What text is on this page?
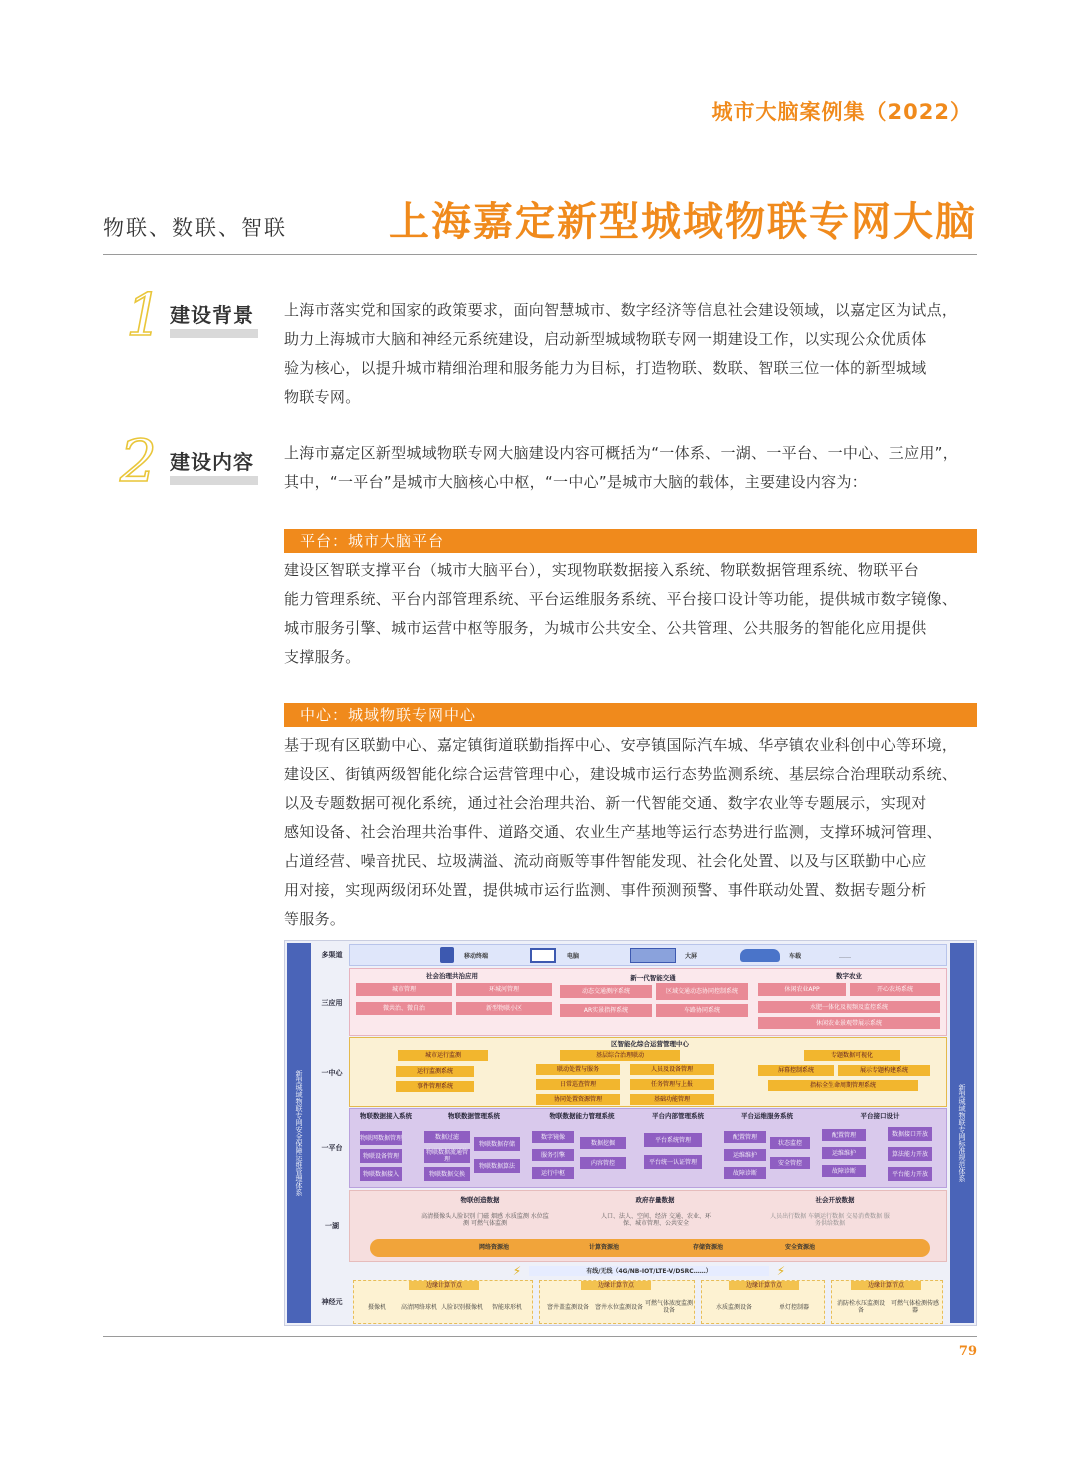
城市大脑案例集（2022）
物联、数联、智联	上海嘉定新型城域物联专网大脑
1 建设背景 上海市落实党和国家的政策要求，面向智慧城市、数字经济等信息社会建设领域，以嘉定区为试点，
助力上海城市大脑和神经元系统建设，启动新型城域物联专网一期建设工作，以实现公众优质体
验为核心，以提升城市精细治理和服务能力为目标，打造物联、数联、智联三位一体的新型城域
物联专网。
2 建设内容 上海市嘉定区新型城域物联专网大脑建设内容可概括为“一体系、一湖、一平台、一中心、三应用”，
其中，“一平台”是城市大脑核心中枢，“一中心”是城市大脑的载体，主要建设内容为：
平台：城市大脑平台
建设区智联支撑平台（城市大脑平台），实现物联数据接入系统、物联数据管理系统、物联平台
能力管理系统、平台内部管理系统、平台运维服务系统、平台接口设计等功能，提供城市数字镜像、
城市服务引擎、城市运营中枢等服务，为城市公共安全、公共管理、公共服务的智能化应用提供
支撑服务。
中心：城域物联专网中心
基于现有区联勤中心、嘉定镇街道联勤指挥中心、安亭镇国际汽车城、华亭镇农业科创中心等环境，
建设区、街镇两级智能化综合运营管理中心，建设城市运行态势监测系统、基层综合治理联动系统、
以及专题数据可视化系统，通过社会治理共治、新一代智能交通、数字农业等专题展示，实现对
感知设备、社会治理共治事件、道路交通、农业生产基地等运行态势进行监测，支撑环城河管理、
占道经营、噪音扰民、垃圾满溢、流动商贩等事件智能发现、社会化处置、以及与区联勤中心应
用对接，实现两级闭环处置，提供城市运行监测、事件预测预警、事件联动处置、数据专题分析
等服务。
新型城域物联专网安全保障运维管理体系	新型城域物联专网标准规范体系
多渠道	移动终端	电脑	大屏	车载	……
三应用
社会治理共治应用
城市管理	环城河管理
微共治、微自治	新型物联小区
新一代智能交通
动态交通测序系统	区域交通动态协同控制系统
AR实景指挥系统	车路协同系统
数字农业
休闲农业APP	开心农场系统
水肥一体化及视频及监控系统
休闲农业景观带展示系统
一中心
区智能化综合运营管理中心
城市运行监测
运行监测系统
事件管理系统
基层综合治理联动
联动处置与服务	人员及设备管理
日常巡查管理	任务管理与上报
协同处置资源管理	基础功能管理
专题数据可视化
屏幕控制系统	展示专题构建系统
指标全生命周期管理系统
一平台
物联数据接入系统
物联网数据管理
物联设备管理
物联数据接入
物联数据管理系统
数据过滤
物联数据流通管理
物联数据交换
物联数据存储
物联数据算法
物联数据能力管理系统
数字镜像
服务引擎
运行中枢
数据挖掘
内容管控
平台内部管理系统
平台系统管理
平台统一认证管理
平台运维服务系统
配置管理
运维维护
故障诊断
状态监控
安全管控
平台接口设计
配置管理
运维维护
故障诊断
数据接口开放
算法能力开放
平台能力开放
一湖
物联创造数据
高清摄像头人脸识别 门磁 烟感 水质监测 水位监测 可燃气体监测
政府存量数据
人口、法人、空间、经济 交通、农业、环保、城市管理、公共安全
社会开放数据
人员出行数据 车辆运行数据 交易消费数据 服务供给数据
网络资源池	计算资源池	存储资源池	安全资源池
有线/无线（4G/NB-IOT/LTE-V/DSRC……）
⚡	⚡
神经元
边缘计算节点
摄像机	高清网络球机 人脸识别摄像机	智能球形机
边缘计算节点
窨井盖监测设备	窨井水位监测设备 可燃气体浓度监测设备
边缘计算节点
水质监测设备	单灯控制器
边缘计算节点
消防栓水压监测设备
可燃气体检测传感器
79
